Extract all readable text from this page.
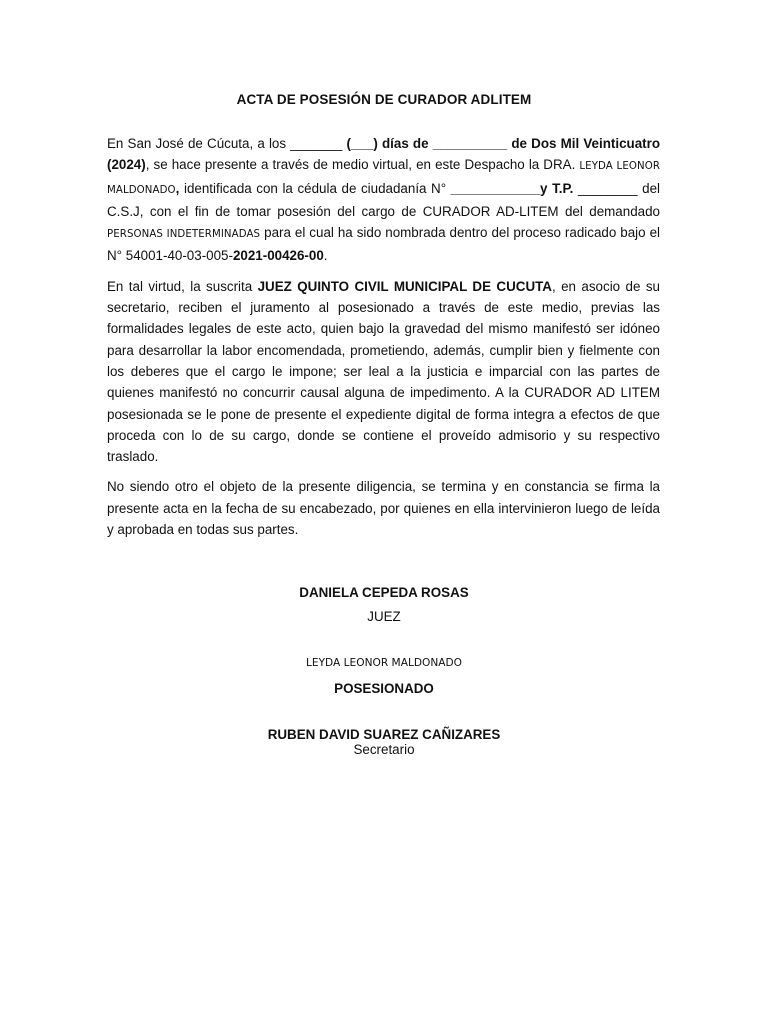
ACTA DE POSESIÓN DE CURADOR ADLITEM

En San José de Cúcuta, a los _______ (___) días de __________ de Dos Mil Veinticuatro (2024), se hace presente a través de medio virtual, en este Despacho la DRA. LEYDA LEONOR MALDONADO, identificada con la cédula de ciudadanía N° ____________y T.P. ________ del C.S.J, con el fin de tomar posesión del cargo de CURADOR AD-LITEM del demandado PERSONAS INDETERMINADAS para el cual ha sido nombrada dentro del proceso radicado bajo el N° 54001-40-03-005-2021-00426-00.

En tal virtud, la suscrita JUEZ QUINTO CIVIL MUNICIPAL DE CUCUTA, en asocio de su secretario, reciben el juramento al posesionado a través de este medio, previas las formalidades legales de este acto, quien bajo la gravedad del mismo manifestó ser idóneo para desarrollar la labor encomendada, prometiendo, además, cumplir bien y fielmente con los deberes que el cargo le impone; ser leal a la justicia e imparcial con las partes de quienes manifestó no concurrir causal alguna de impedimento. A la CURADOR AD LITEM posesionada se le pone de presente el expediente digital de forma integra a efectos de que proceda con lo de su cargo, donde se contiene el proveído admisorio y su respectivo traslado.

No siendo otro el objeto de la presente diligencia, se termina y en constancia se firma la presente acta en la fecha de su encabezado, por quienes en ella intervinieron luego de leída y aprobada en todas sus partes.

DANIELA CEPEDA ROSAS
JUEZ
LEYDA LEONOR MALDONADO
POSESIONADO
RUBEN DAVID SUAREZ CAÑIZARES
Secretario
